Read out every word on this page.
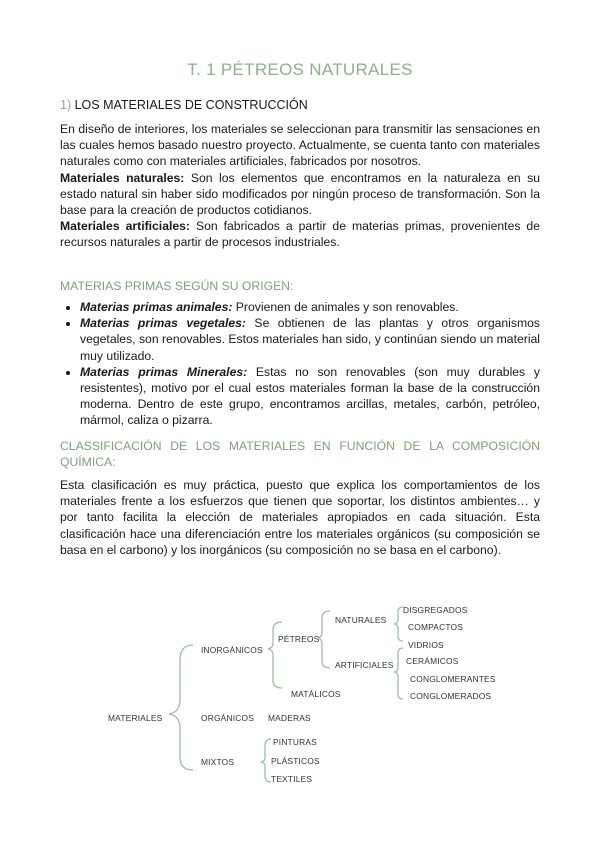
T. 1 PÉTREOS NATURALES
1) LOS MATERIALES DE CONSTRUCCIÓN
En diseño de interiores, los materiales se seleccionan para transmitir las sensaciones en las cuales hemos basado nuestro proyecto. Actualmente, se cuenta tanto con materiales naturales como con materiales artificiales, fabricados por nosotros.
Materiales naturales: Son los elementos que encontramos en la naturaleza en su estado natural sin haber sido modificados por ningún proceso de transformación. Son la base para la creación de productos cotidianos.
Materiales artificiales: Son fabricados a partir de materias primas, provenientes de recursos naturales a partir de procesos industriales.
MATERIAS PRIMAS SEGÚN SU ORIGEN:
• Materias primas animales: Provienen de animales y son renovables.
• Materias primas vegetales: Se obtienen de las plantas y otros organismos vegetales, son renovables. Estos materiales han sido, y continúan siendo un material muy utilizado.
• Materias primas Minerales: Estas no son renovables (son muy durables y resistentes), motivo por el cual estos materiales forman la base de la construcción moderna. Dentro de este grupo, encontramos arcillas, metales, carbón, petróleo, mármol, caliza o pizarra.
CLASSIFICACIÓN DE LOS MATERIALES EN FUNCIÓN DE LA COMPOSICIÓN QUÍMICA:
Esta clasificación es muy práctica, puesto que explica los comportamientos de los materiales frente a los esfuerzos que tienen que soportar, los distintos ambientes… y por tanto facilita la elección de materiales apropiados en cada situación. Esta clasificación hace una diferenciación entre los materiales orgánicos (su composición se basa en el carbono) y los inorgánicos (su composición no se basa en el carbono).
MATERIALES
INORGÁNICOS
PÉTREOS
NATURALES
DISGREGADOS
COMPACTOS
ARTIFICIALES
VIDRIOS
CERÁMICOS
CONGLOMERANTES
CONGLOMERADOS
MATÁLICOS
ORGÁNICOS MADERAS
MIXTOS
PINTURAS
PLÁSTICOS
TEXTILES
